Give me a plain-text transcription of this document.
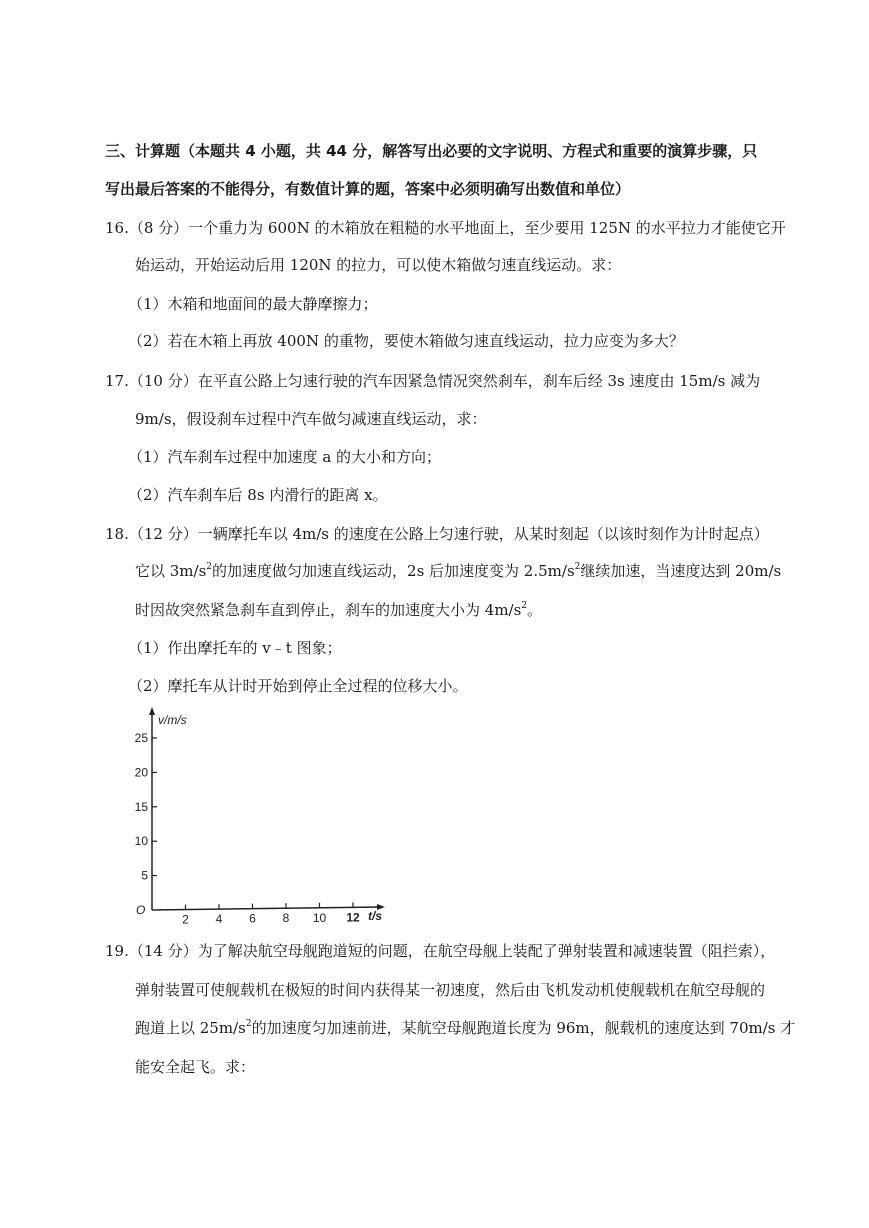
三、计算题（本题共 4 小题，共 44 分，解答写出必要的文字说明、方程式和重要的演算步骤，只
写出最后答案的不能得分，有数值计算的题，答案中必须明确写出数值和单位）
16.（8 分）一个重力为 600N 的木箱放在粗糙的水平地面上，至少要用 125N 的水平拉力才能使它开
始运动，开始运动后用 120N 的拉力，可以使木箱做匀速直线运动。求：
（1）木箱和地面间的最大静摩擦力；
（2）若在木箱上再放 400N 的重物，要使木箱做匀速直线运动，拉力应变为多大？
17.（10 分）在平直公路上匀速行驶的汽车因紧急情况突然刹车，刹车后经 3s 速度由 15m/s 减为
9m/s，假设刹车过程中汽车做匀减速直线运动，求：
（1）汽车刹车过程中加速度 a 的大小和方向；
（2）汽车刹车后 8s 内滑行的距离 x。
18.（12 分）一辆摩托车以 4m/s 的速度在公路上匀速行驶，从某时刻起（以该时刻作为计时起点）
它以 $3m/s^2$的加速度做匀加速直线运动，2s 后加速度变为 $2.5m/s^2$继续加速，当速度达到 20m/s
时因故突然紧急刹车直到停止，刹车的加速度大小为 $4m/s^2$。
（1）作出摩托车的 v﹣t 图象；
（2）摩托车从计时开始到停止全过程的位移大小。
v/m/s
t/s
O
25
20
15
10
5
2 4 6 8 10 12
19.（14 分）为了解决航空母舰跑道短的问题，在航空母舰上装配了弹射装置和减速装置（阻拦索），
弹射装置可使舰载机在极短的时间内获得某一初速度，然后由飞机发动机使舰载机在航空母舰的
跑道上以 $25m/s^2$的加速度匀加速前进，某航空母舰跑道长度为 96m，舰载机的速度达到 70m/s 才
能安全起飞。求：
